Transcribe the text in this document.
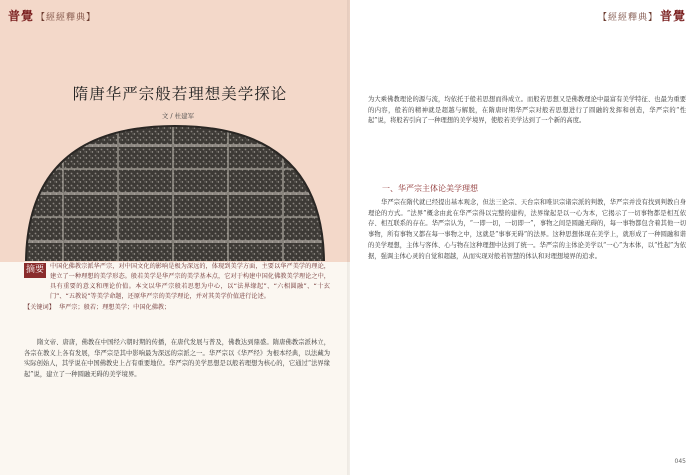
普覺 【經經釋典】
隋唐华严宗般若理想美学探论
文 / 杜建军
摘要 中国化佛教宗派华严宗，对中国文化的影响是极为深远的，体现到美学方面，主要以华严美学的理论，建立了一种理想的美学形态。般若美学是华严宗的美学基本点，它对于构建中国化佛教美学理论之中，具有重要的意义和理论价值。本文以华严宗般若思想为中心，以“法界缘起”、“六相圆融”、“十玄门”、“五教说”等美学命题，还原华严宗的美学理论，并对其美学价值进行论述。
【关键词】 华严宗；般若；理想美学；中国化佛教；

隋文帝、唐唐，佛教在中国经六朝时期的传播，在唐代发展与普及，佛教达到鼎盛。隋唐佛教宗派林立，各宗在教义上各有发展，华严宗是其中影响最为深远的宗派之一。华严宗以《华严经》为根本经典，以法藏为实际创始人，其学说在中国佛教史上占有重要地位。华严宗的美学思想是以般若理想为核心的，它通过“法界缘起”说，建立了一种圆融无碍的美学境界。

【經經釋典】 普覺
为大乘佛教理论的源与流，均依托于般若思想而得成立。而般若思想又是佛教理论中最富有美学特征、也最为重要的内容，般若的精神就是超越与解脱，在隋唐时期华严宗对般若思想进行了圆融的发挥和创造，华严宗的“性起”说，将般若引向了一种理想的美学境界，使般若美学达到了一个新的高度。
一、华严宗主体论美学理想

华严宗在隋代就已经提出基本观念，但法三论宗、天台宗和唯识宗诸宗派的判教，华严宗并没有找到判教自身理论的方式。“法界”概念由此在华严宗得以完整的建构，法界缘起是以一心为本，它揭示了一切事物都是相互依存、相互联系的存在。华严宗认为，“一即一切，一切即一”，事物之间是圆融无碍的，每一事物都包含着其他一切事物，所有事物又都在每一事物之中，这就是“事事无碍”的法界。这种思想体现在美学上，就形成了一种圆融和谐的美学理想，主体与客体、心与物在这种理想中达到了统一。华严宗的主体论美学以“一心”为本体，以“性起”为依据，强调主体心灵的自觉和超越，从而实现对般若智慧的体认和对理想境界的追求。

045
